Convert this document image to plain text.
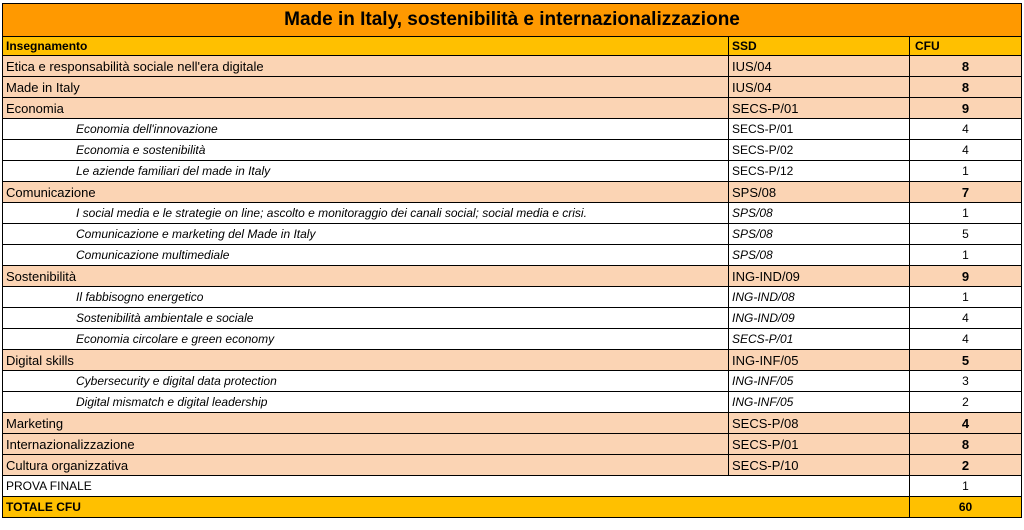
Made in Italy, sostenibilità e internazionalizzazione		
Insegnamento	SSD	CFU
Etica e responsabilità sociale nell'era digitale	IUS/04	8
Made in Italy	IUS/04	8
Economia	SECS-P/01	9
Economia dell'innovazione	SECS-P/01	4
Economia e sostenibilità	SECS-P/02	4
Le aziende familiari del made in Italy	SECS-P/12	1
Comunicazione	SPS/08	7
I social media e le strategie on line; ascolto e monitoraggio dei canali social; social media e crisi.	SPS/08	1
Comunicazione e marketing del Made in Italy	SPS/08	5
Comunicazione multimediale	SPS/08	1
Sostenibilità	ING-IND/09	9
Il fabbisogno energetico	ING-IND/08	1
Sostenibilità ambientale e sociale	ING-IND/09	4
Economia circolare e green economy	SECS-P/01	4
Digital skills	ING-INF/05	5
Cybersecurity e digital data protection	ING-INF/05	3
Digital mismatch e digital leadership	ING-INF/05	2
Marketing	SECS-P/08	4
Internazionalizzazione	SECS-P/01	8
Cultura organizzativa	SECS-P/10	2
PROVA FINALE		1
TOTALE CFU		60
